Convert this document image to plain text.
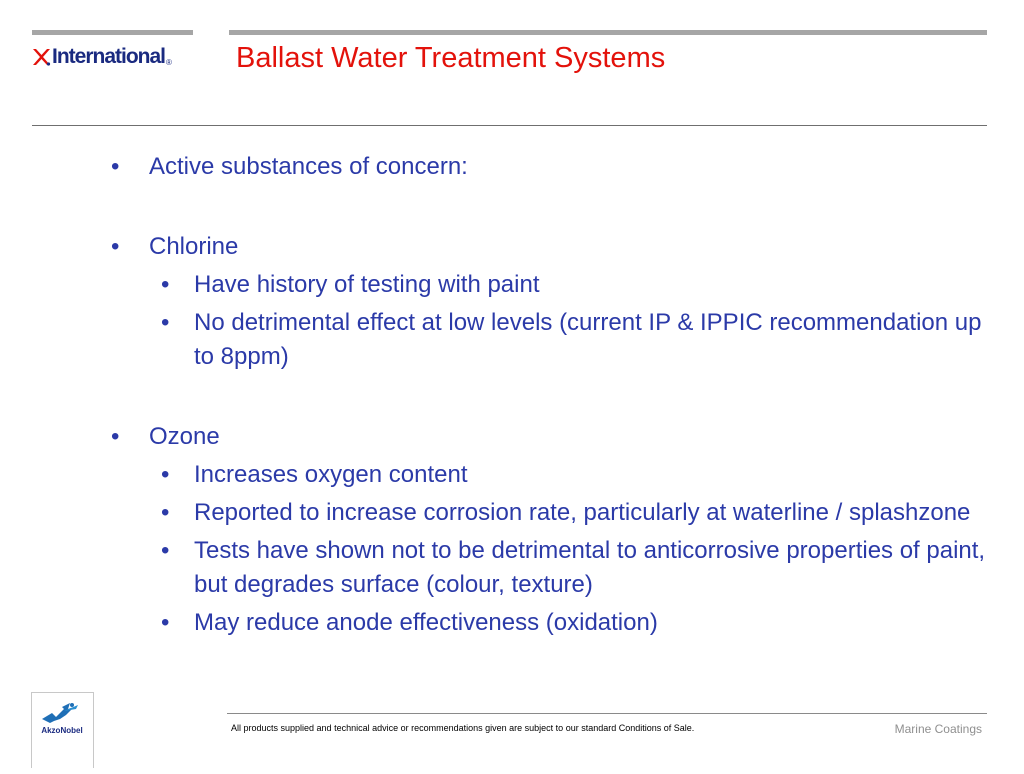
International ® Ballast Water Treatment Systems
• Active substances of concern:
• Chlorine
• Have history of testing with paint
• No detrimental effect at low levels (current IP & IPPIC recommendation up to 8ppm)
• Ozone
• Increases oxygen content
• Reported to increase corrosion rate, particularly at waterline / splashzone
• Tests have shown not to be detrimental to anticorrosive properties of paint, but degrades surface (colour, texture)
• May reduce anode effectiveness (oxidation)
AkzoNobel	All products supplied and technical advice or recommendations given are subject to our standard Conditions of Sale.	Marine Coatings
